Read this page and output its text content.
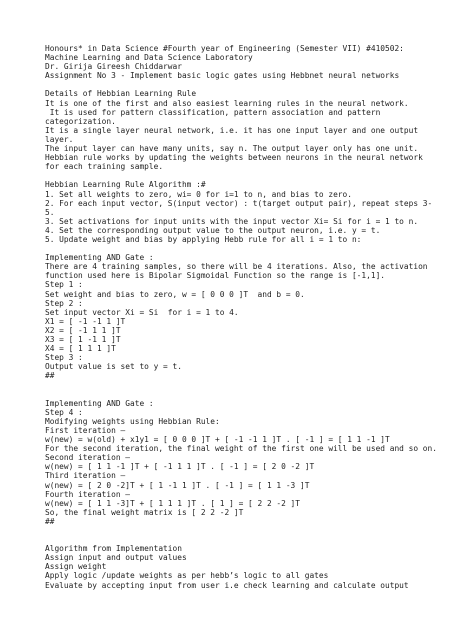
Honours* in Data Science #Fourth year of Engineering (Semester VII) #410502:
Machine Learning and Data Science Laboratory
Dr. Girija Gireesh Chiddarwar
Assignment No 3 - Implement basic logic gates using Hebbnet neural networks
Details of Hebbian Learning Rule
It is one of the first and also easiest learning rules in the neural network.
It is used for pattern classification, pattern association and pattern
categorization.
It is a single layer neural network, i.e. it has one input layer and one output
layer.
The input layer can have many units, say n. The output layer only has one unit.
Hebbian rule works by updating the weights between neurons in the neural network
for each training sample.
Hebbian Learning Rule Algorithm :#
1. Set all weights to zero, wi= 0 for i=1 to n, and bias to zero.
2. For each input vector, S(input vector) : t(target output pair), repeat steps 3-
5.
3. Set activations for input units with the input vector Xi= Si for i = 1 to n.
4. Set the corresponding output value to the output neuron, i.e. y = t.
5. Update weight and bias by applying Hebb rule for all i = 1 to n:
Implementing AND Gate :
There are 4 training samples, so there will be 4 iterations. Also, the activation
function used here is Bipolar Sigmoidal Function so the range is [-1,1].
Step 1 :
Set weight and bias to zero, w = [ 0 0 0 ]T  and b = 0.
Step 2 :
Set input vector Xi = Si  for i = 1 to 4.
X1 = [ -1 -1 1 ]T
X2 = [ -1 1 1 ]T
X3 = [ 1 -1 1 ]T
X4 = [ 1 1 1 ]T
Step 3 :
Output value is set to y = t.
##
Implementing AND Gate :
Step 4 :
Modifying weights using Hebbian Rule:
First iteration –
w(new) = w(old) + x1y1 = [ 0 0 0 ]T + [ -1 -1 1 ]T . [ -1 ] = [ 1 1 -1 ]T
For the second iteration, the final weight of the first one will be used and so on.
Second iteration –
w(new) = [ 1 1 -1 ]T + [ -1 1 1 ]T . [ -1 ] = [ 2 0 -2 ]T
Third iteration –
w(new) = [ 2 0 -2]T + [ 1 -1 1 ]T . [ -1 ] = [ 1 1 -3 ]T
Fourth iteration –
w(new) = [ 1 1 -3]T + [ 1 1 1 ]T . [ 1 ] = [ 2 2 -2 ]T
So, the final weight matrix is [ 2 2 -2 ]T
##
Algorithm from Implementation
Assign input and output values
Assign weight
Apply logic /update weights as per hebb’s logic to all gates
Evaluate by accepting input from user i.e check learning and calculate output
